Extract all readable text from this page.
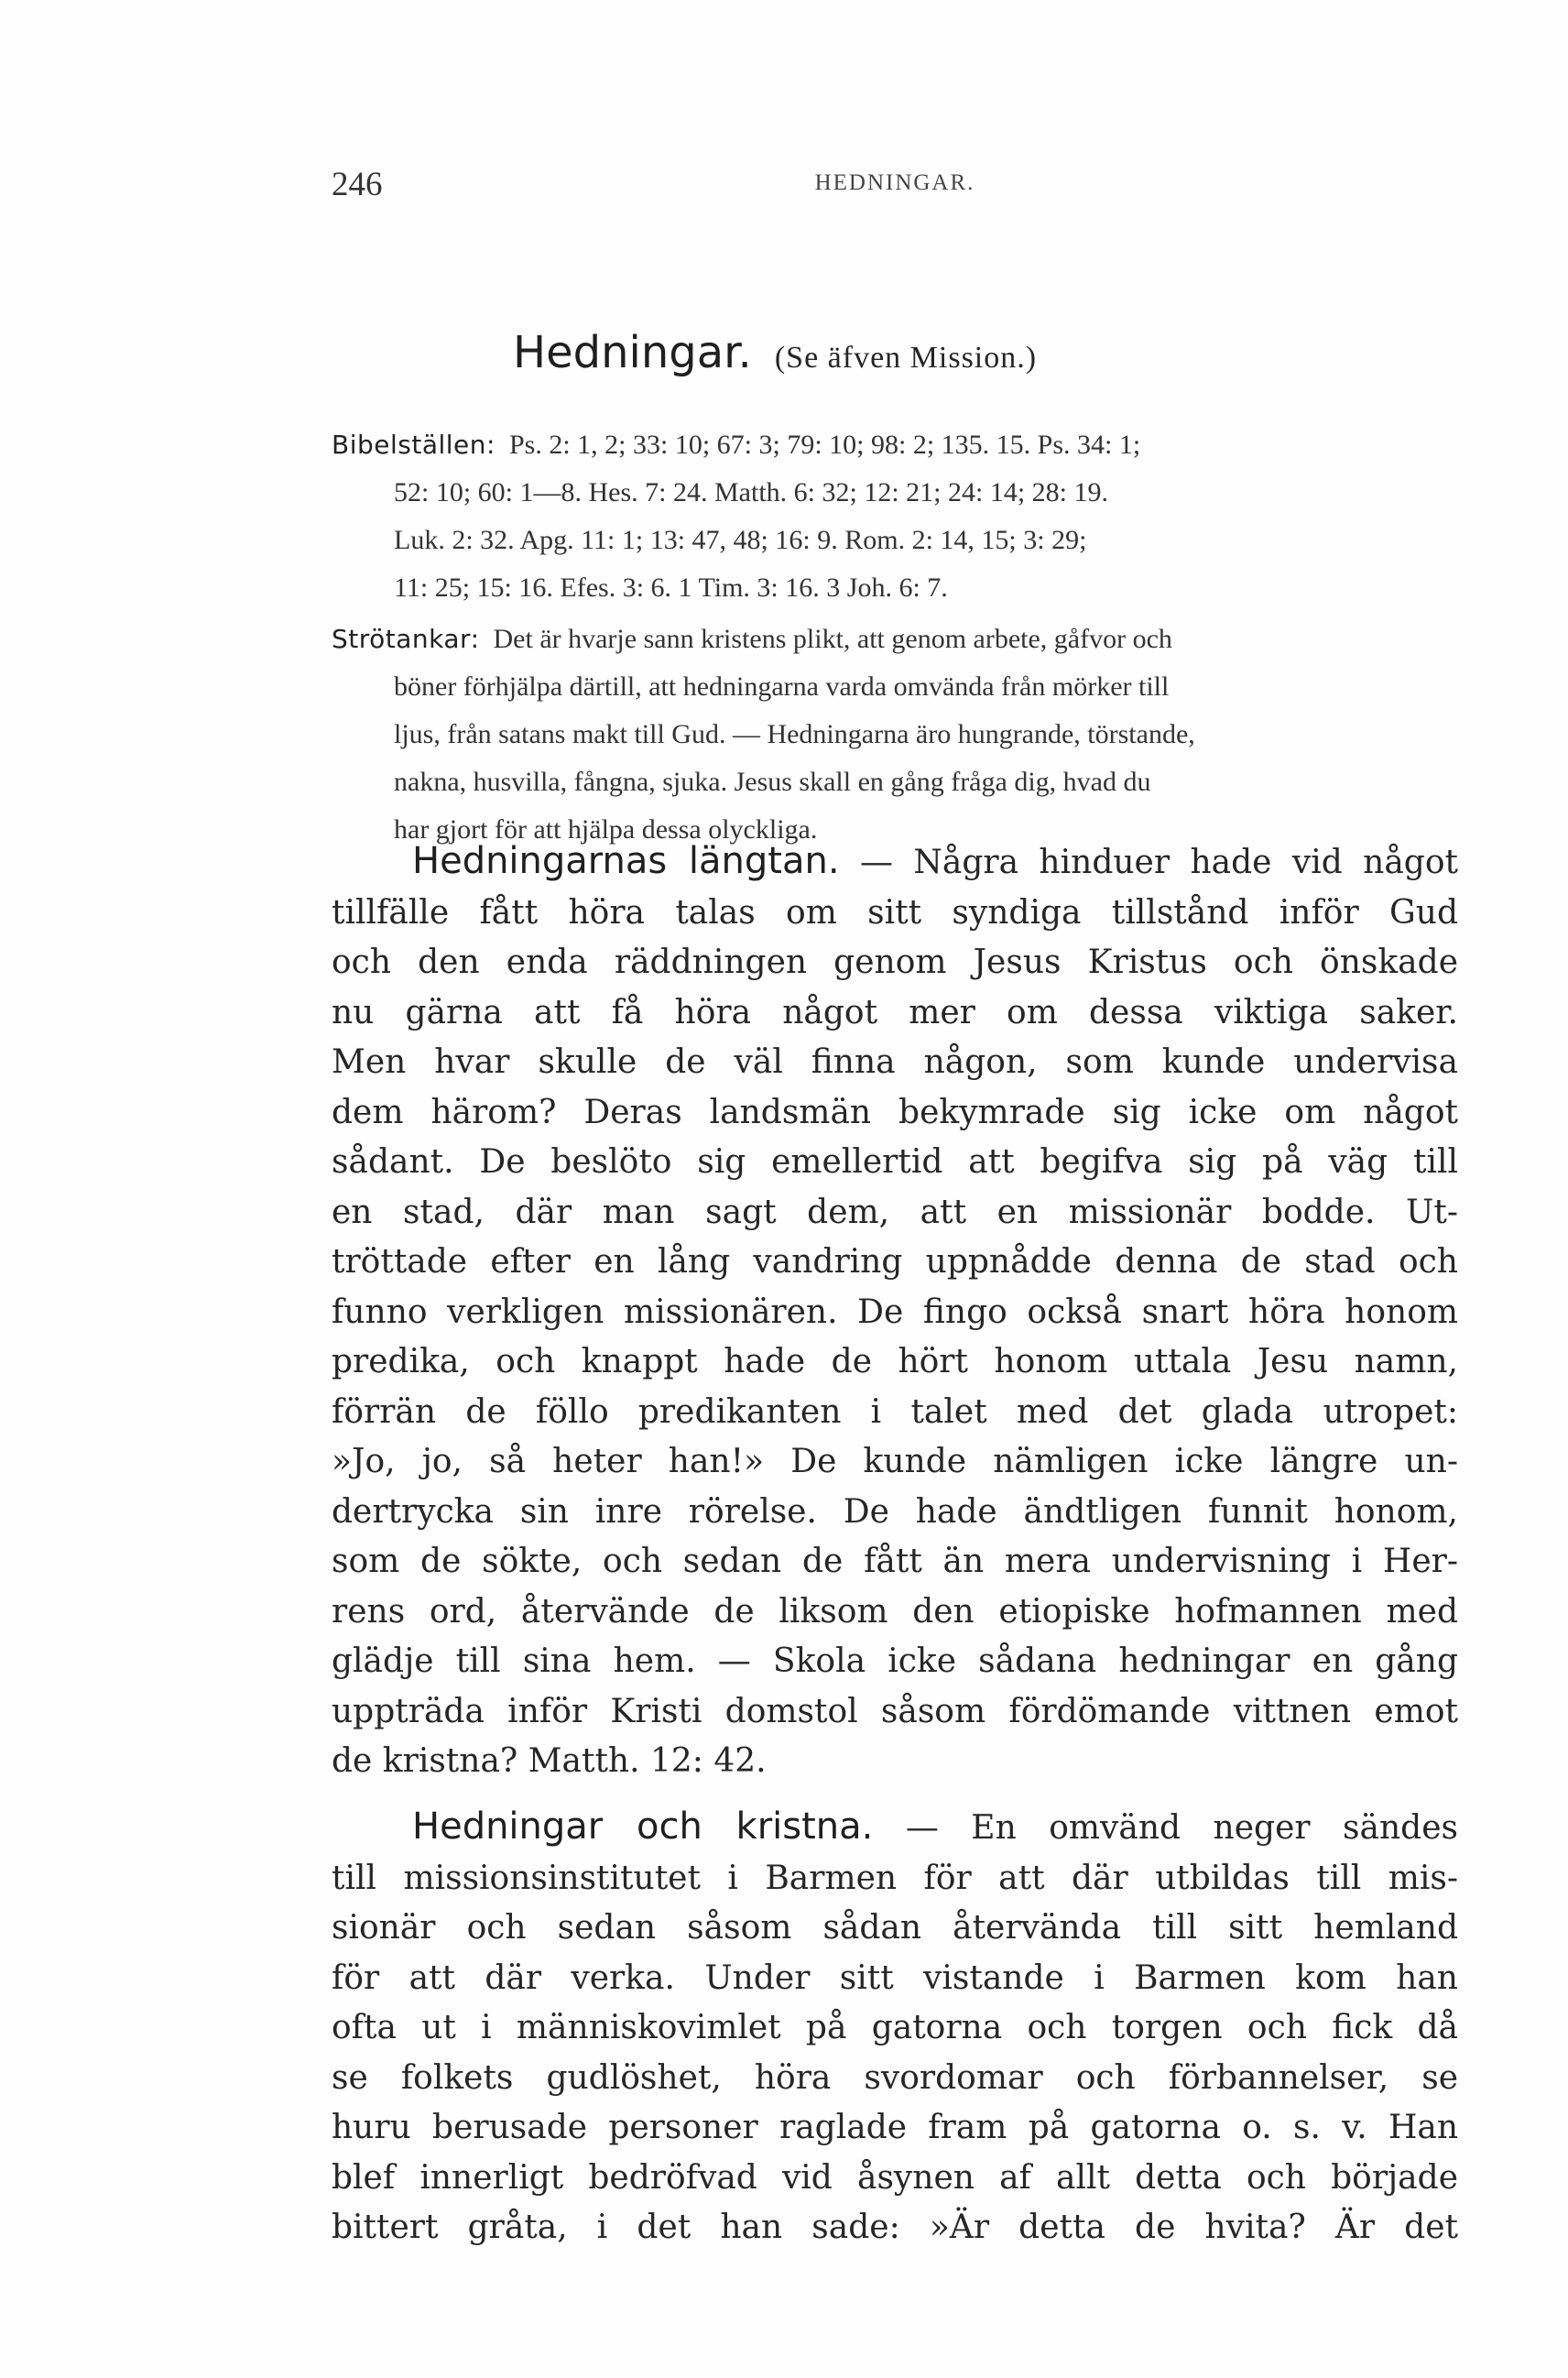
246	HEDNINGAR.
Hedningar. (Se äfven Mission.)
Bibelställen: Ps. 2: 1, 2; 33: 10; 67: 3; 79: 10; 98: 2; 135. 15. Ps. 34: 1;
52: 10; 60: 1—8. Hes. 7: 24. Matth. 6: 32; 12: 21; 24: 14; 28: 19.
Luk. 2: 32. Apg. 11: 1; 13: 47, 48; 16: 9. Rom. 2: 14, 15; 3: 29;
11: 25; 15: 16. Efes. 3: 6. 1 Tim. 3: 16. 3 Joh. 6: 7.
Strötankar: Det är hvarje sann kristens plikt, att genom arbete, gåfvor och
böner förhjälpa därtill, att hedningarna varda omvända från mörker till
ljus, från satans makt till Gud. — Hedningarna äro hungrande, törstande,
nakna, husvilla, fångna, sjuka. Jesus skall en gång fråga dig, hvad du
har gjort för att hjälpa dessa olyckliga.
Hedningarnas längtan. — Några hinduer hade vid något
tillfälle fått höra talas om sitt syndiga tillstånd inför Gud
och den enda räddningen genom Jesus Kristus och önskade
nu gärna att få höra något mer om dessa viktiga saker.
Men hvar skulle de väl finna någon, som kunde undervisa
dem härom? Deras landsmän bekymrade sig icke om något
sådant. De beslöto sig emellertid att begifva sig på väg till
en stad, där man sagt dem, att en missionär bodde. Ut-
tröttade efter en lång vandring uppnådde denna de stad och
funno verkligen missionären. De fingo också snart höra honom
predika, och knappt hade de hört honom uttala Jesu namn,
förrän de föllo predikanten i talet med det glada utropet:
»Jo, jo, så heter han!» De kunde nämligen icke längre un-
dertrycka sin inre rörelse. De hade ändtligen funnit honom,
som de sökte, och sedan de fått än mera undervisning i Her-
rens ord, återvände de liksom den etiopiske hofmannen med
glädje till sina hem. — Skola icke sådana hedningar en gång
uppträda inför Kristi domstol såsom fördömande vittnen emot
de kristna? Matth. 12: 42.
Hedningar och kristna. — En omvänd neger sändes
till missionsinstitutet i Barmen för att där utbildas till mis-
sionär och sedan såsom sådan återvända till sitt hemland
för att där verka. Under sitt vistande i Barmen kom han
ofta ut i människovimlet på gatorna och torgen och fick då
se folkets gudlöshet, höra svordomar och förbannelser, se
huru berusade personer raglade fram på gatorna o. s. v. Han
blef innerligt bedröfvad vid åsynen af allt detta och började
bittert gråta, i det han sade: »Är detta de hvita? Är det
